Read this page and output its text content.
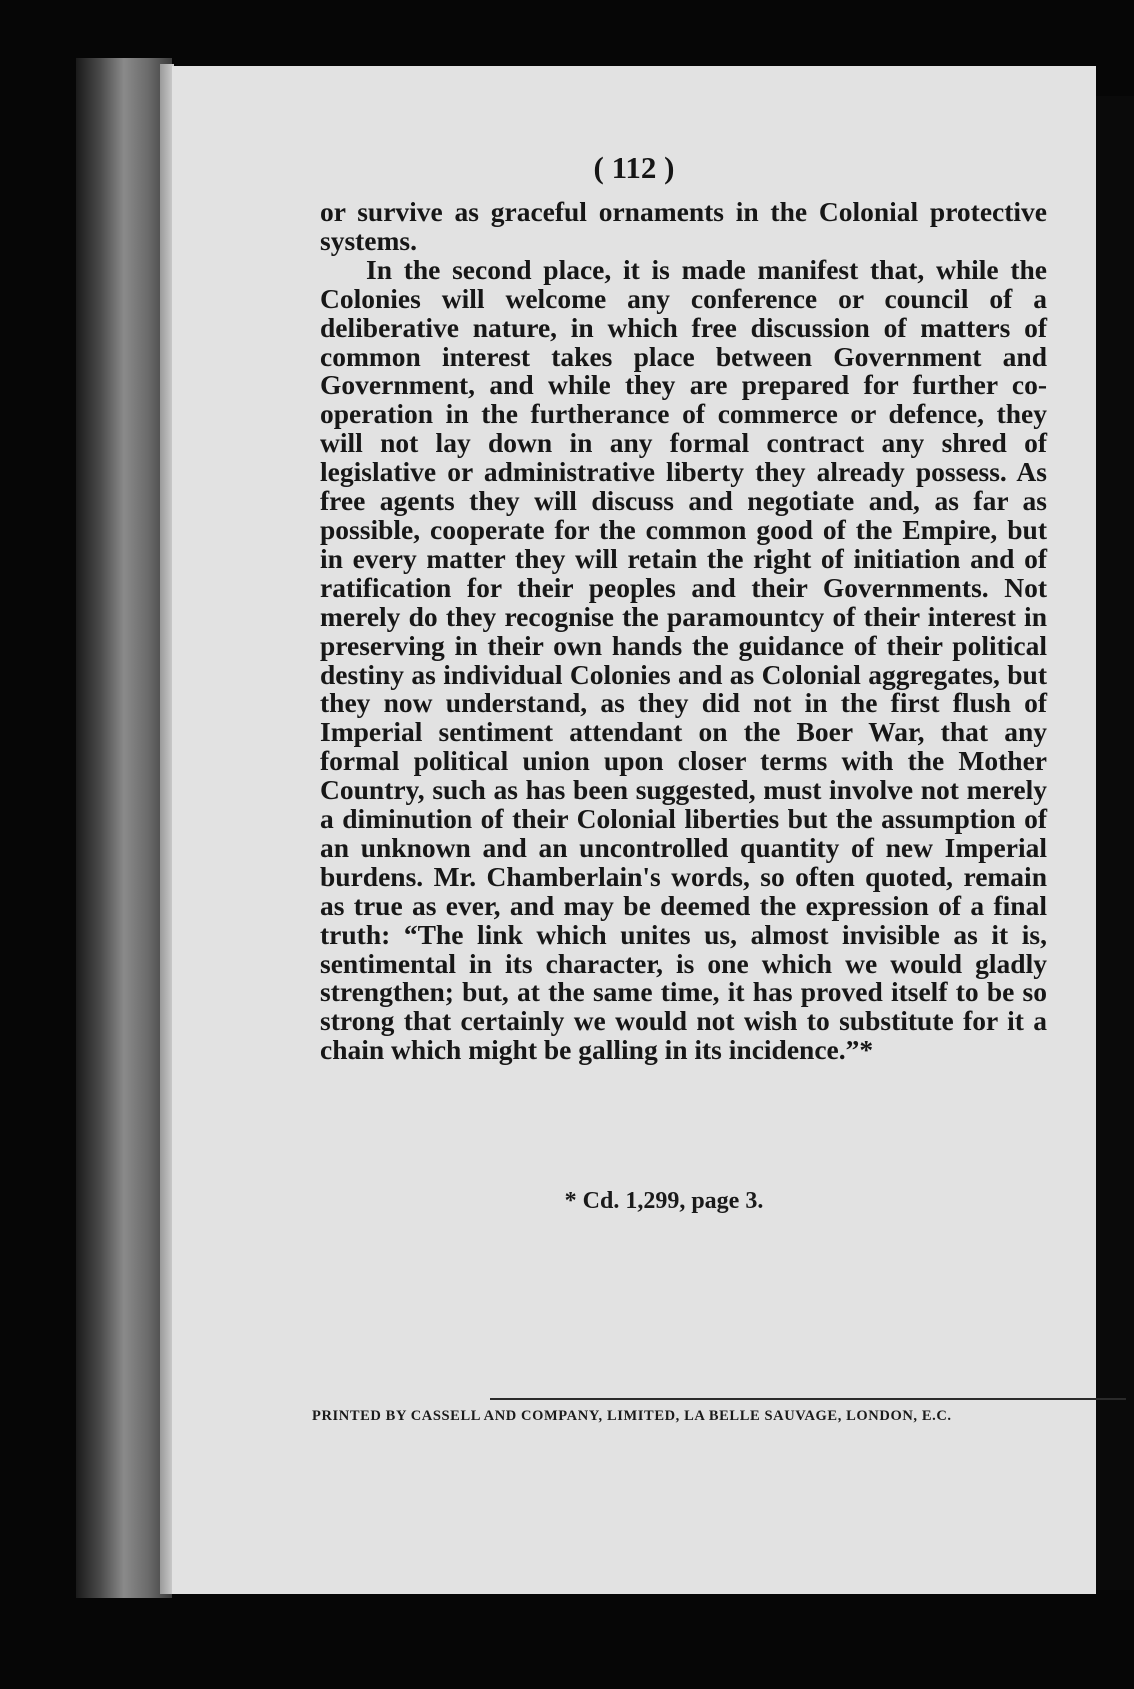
( 112 )

or survive as graceful ornaments in the Colonial protective systems.

In the second place, it is made manifest that, while the Colonies will welcome any conference or council of a deliberative nature, in which free discussion of matters of common interest takes place between Government and Government, and while they are prepared for further co-operation in the furtherance of commerce or defence, they will not lay down in any formal contract any shred of legislative or administrative liberty they already possess. As free agents they will discuss and negotiate and, as far as possible, cooperate for the common good of the Empire, but in every matter they will retain the right of initiation and of ratification for their peoples and their Governments. Not merely do they recognise the paramountcy of their interest in preserving in their own hands the guidance of their political destiny as individual Colonies and as Colonial aggregates, but they now understand, as they did not in the first flush of Imperial sentiment attendant on the Boer War, that any formal political union upon closer terms with the Mother Country, such as has been suggested, must involve not merely a diminution of their Colonial liberties but the assumption of an unknown and an uncontrolled quantity of new Imperial burdens. Mr. Chamberlain's words, so often quoted, remain as true as ever, and may be deemed the expression of a final truth: “The link which unites us, almost invisible as it is, sentimental in its character, is one which we would gladly strengthen; but, at the same time, it has proved itself to be so strong that certainly we would not wish to substitute for it a chain which might be galling in its incidence.”*

* Cd. 1,299, page 3.
PRINTED BY CASSELL AND COMPANY, LIMITED, LA BELLE SAUVAGE, LONDON, E.C.
